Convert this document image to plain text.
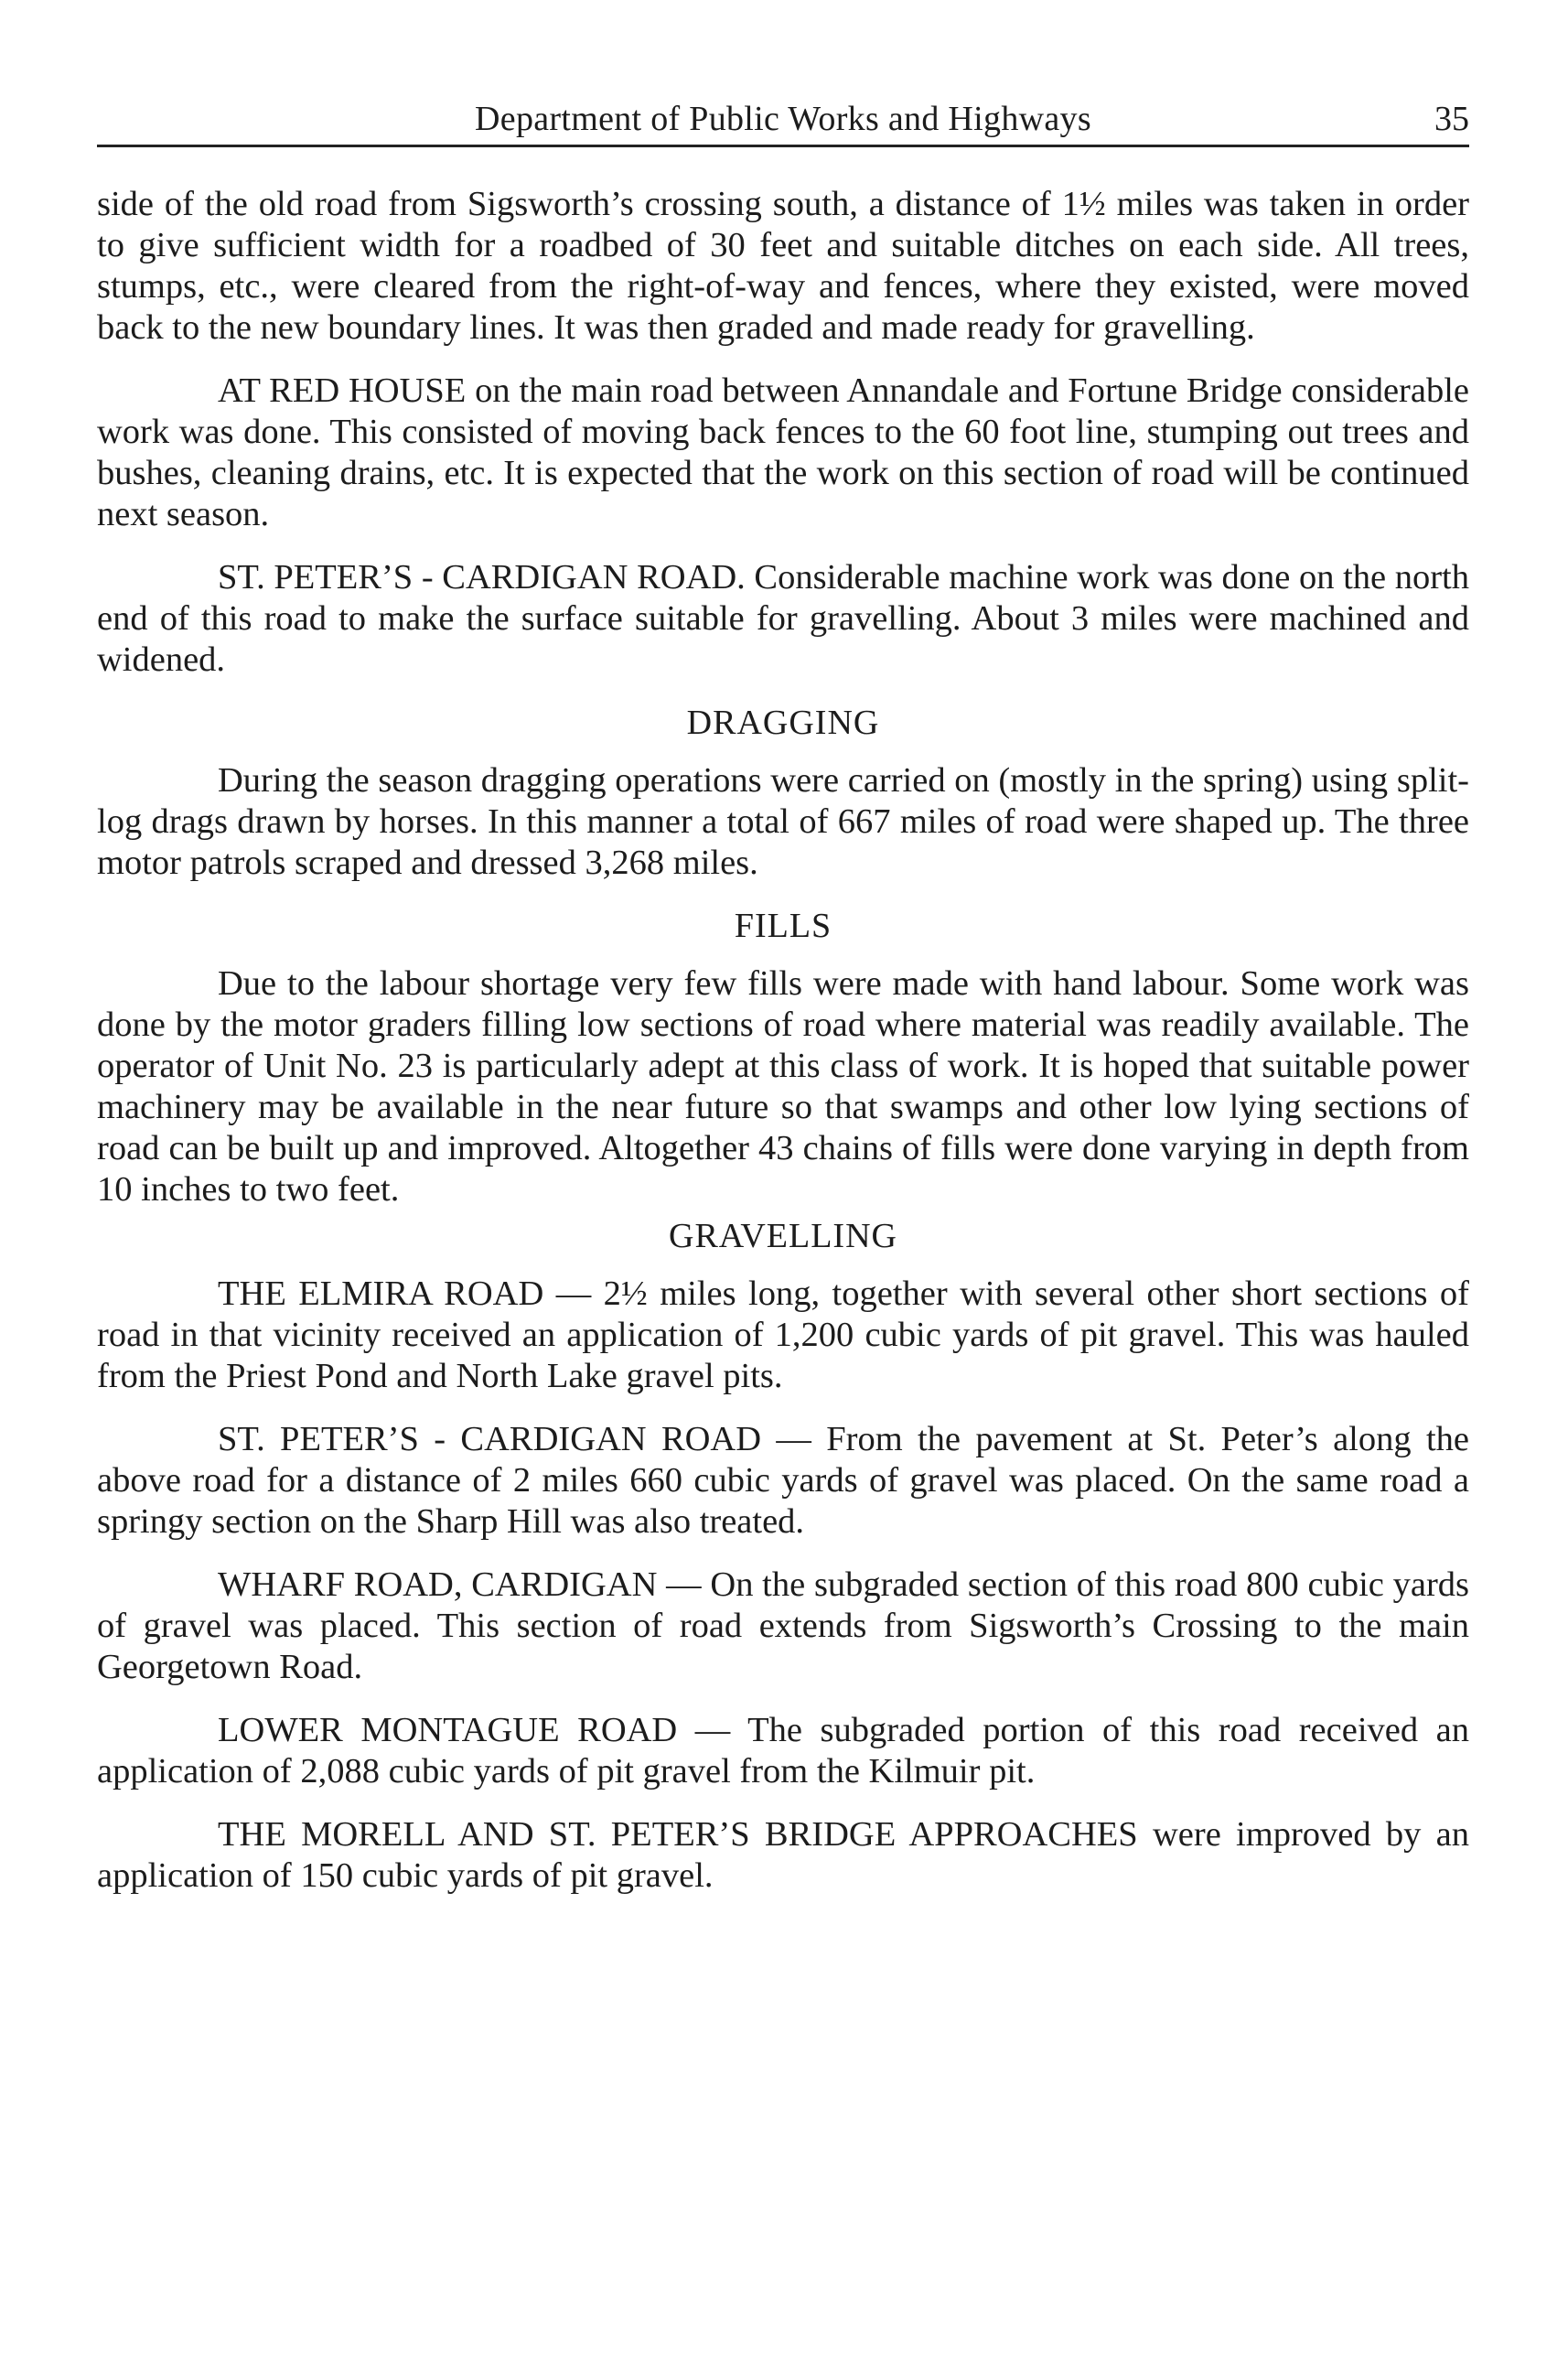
Department of Public Works and Highways	35

side of the old road from Sigsworth’s crossing south, a distance of 1½ miles was taken in order to give sufficient width for a roadbed of 30 feet and suitable ditches on each side. All trees, stumps, etc., were cleared from the right-of-way and fences, where they existed, were moved back to the new boundary lines. It was then graded and made ready for gravelling.

AT RED HOUSE on the main road between Annandale and Fortune Bridge considerable work was done. This consisted of moving back fences to the 60 foot line, stumping out trees and bushes, cleaning drains, etc. It is expected that the work on this section of road will be continued next season.

ST. PETER’S - CARDIGAN ROAD. Considerable machine work was done on the north end of this road to make the surface suitable for gravelling. About 3 miles were machined and widened.

DRAGGING

During the season dragging operations were carried on (mostly in the spring) using split-log drags drawn by horses. In this manner a total of 667 miles of road were shaped up. The three motor patrols scraped and dressed 3,268 miles.

FILLS

Due to the labour shortage very few fills were made with hand labour. Some work was done by the motor graders filling low sections of road where material was readily available. The operator of Unit No. 23 is particularly adept at this class of work. It is hoped that suitable power machinery may be available in the near future so that swamps and other low lying sections of road can be built up and improved. Altogether 43 chains of fills were done varying in depth from 10 inches to two feet.

GRAVELLING

THE ELMIRA ROAD — 2½ miles long, together with several other short sections of road in that vicinity received an application of 1,200 cubic yards of pit gravel. This was hauled from the Priest Pond and North Lake gravel pits.

ST. PETER’S - CARDIGAN ROAD — From the pavement at St. Peter’s along the above road for a distance of 2 miles 660 cubic yards of gravel was placed. On the same road a springy section on the Sharp Hill was also treated.

WHARF ROAD, CARDIGAN — On the subgraded section of this road 800 cubic yards of gravel was placed. This section of road extends from Sigsworth’s Crossing to the main Georgetown Road.

LOWER MONTAGUE ROAD — The subgraded portion of this road received an application of 2,088 cubic yards of pit gravel from the Kilmuir pit.

THE MORELL AND ST. PETER’S BRIDGE APPROACHES were improved by an application of 150 cubic yards of pit gravel.
